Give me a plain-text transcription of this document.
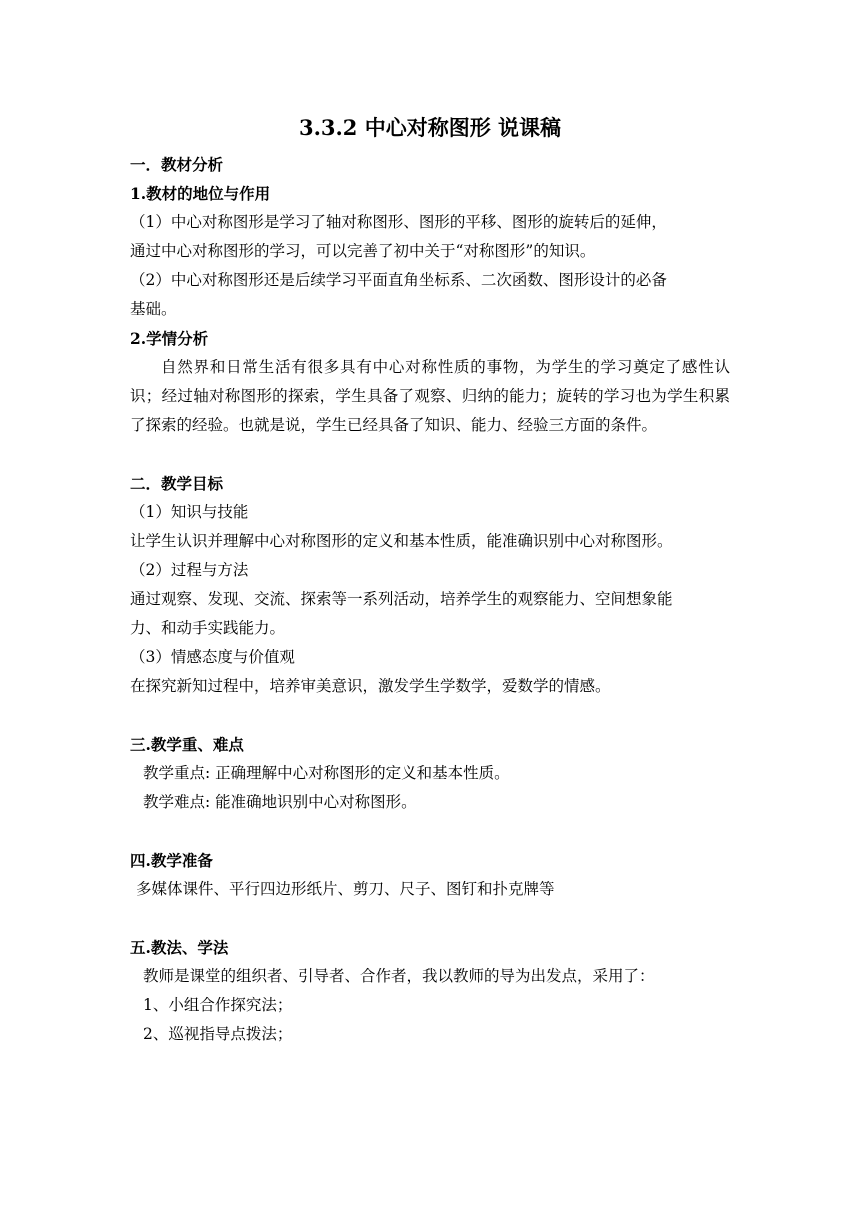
3.3.2 中心对称图形 说课稿
一．教材分析
1.教材的地位与作用
（1）中心对称图形是学习了轴对称图形、图形的平移、图形的旋转后的延伸，
通过中心对称图形的学习，可以完善了初中关于“对称图形”的知识。
（2）中心对称图形还是后续学习平面直角坐标系、二次函数、图形设计的必备
基础。
2.学情分析
自然界和日常生活有很多具有中心对称性质的事物，为学生的学习奠定了感性认识；经过轴对称图形的探索，学生具备了观察、归纳的能力；旋转的学习也为学生积累了探索的经验。也就是说，学生已经具备了知识、能力、经验三方面的条件。
二．教学目标
（1）知识与技能
让学生认识并理解中心对称图形的定义和基本性质，能准确识别中心对称图形。
（2）过程与方法
通过观察、发现、交流、探索等一系列活动，培养学生的观察能力、空间想象能
力、和动手实践能力。
（3）情感态度与价值观
在探究新知过程中，培养审美意识，激发学生学数学，爱数学的情感。
三.教学重、难点
教学重点: 正确理解中心对称图形的定义和基本性质。
教学难点: 能准确地识别中心对称图形。
四.教学准备
多媒体课件、平行四边形纸片、剪刀、尺子、图钉和扑克牌等
五.教法、学法
教师是课堂的组织者、引导者、合作者，我以教师的导为出发点，采用了：
1、小组合作探究法；
2、巡视指导点拨法；
